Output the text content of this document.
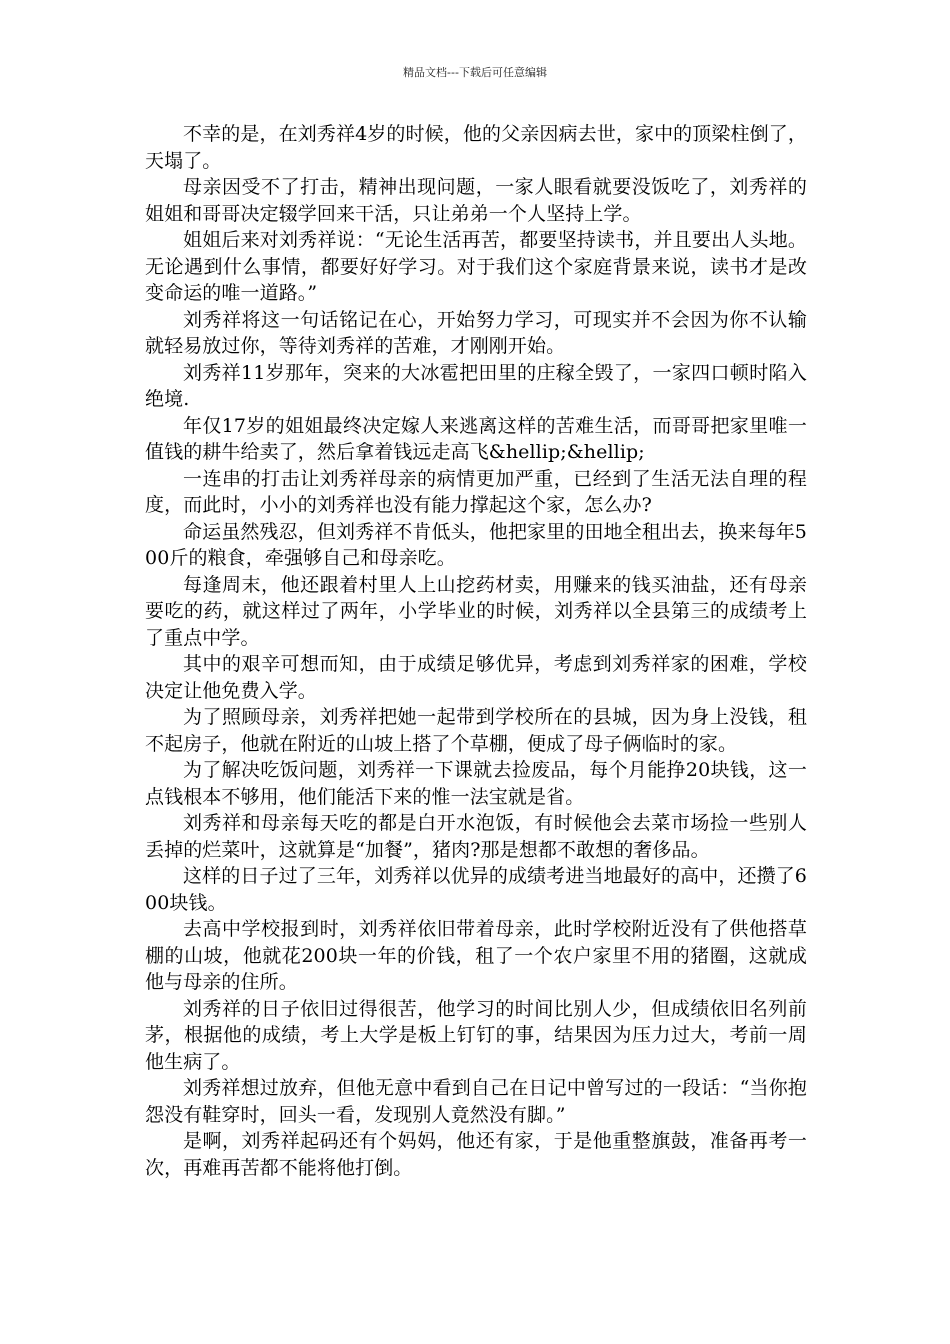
精品文档---下载后可任意编辑

不幸的是，在刘秀祥4岁的时候，他的父亲因病去世，家中的顶梁柱倒了，天塌了。

母亲因受不了打击，精神出现问题，一家人眼看就要没饭吃了，刘秀祥的姐姐和哥哥决定辍学回来干活，只让弟弟一个人坚持上学。

姐姐后来对刘秀祥说：“无论生活再苦，都要坚持读书，并且要出人头地。无论遇到什么事情，都要好好学习。对于我们这个家庭背景来说，读书才是改变命运的唯一道路。”

刘秀祥将这一句话铭记在心，开始努力学习，可现实并不会因为你不认输就轻易放过你，等待刘秀祥的苦难，才刚刚开始。

刘秀祥11岁那年，突来的大冰雹把田里的庄稼全毁了，一家四口顿时陷入绝境.

年仅17岁的姐姐最终决定嫁人来逃离这样的苦难生活，而哥哥把家里唯一值钱的耕牛给卖了，然后拿着钱远走高飞&hellip;&hellip;

一连串的打击让刘秀祥母亲的病情更加严重，已经到了生活无法自理的程度，而此时，小小的刘秀祥也没有能力撑起这个家，怎么办?

命运虽然残忍，但刘秀祥不肯低头，他把家里的田地全租出去，换来每年500斤的粮食，牵强够自己和母亲吃。

每逢周末，他还跟着村里人上山挖药材卖，用赚来的钱买油盐，还有母亲要吃的药，就这样过了两年，小学毕业的时候，刘秀祥以全县第三的成绩考上了重点中学。

其中的艰辛可想而知，由于成绩足够优异，考虑到刘秀祥家的困难，学校决定让他免费入学。

为了照顾母亲，刘秀祥把她一起带到学校所在的县城，因为身上没钱，租不起房子，他就在附近的山坡上搭了个草棚，便成了母子俩临时的家。

为了解决吃饭问题，刘秀祥一下课就去捡废品，每个月能挣20块钱，这一点钱根本不够用，他们能活下来的惟一法宝就是省。

刘秀祥和母亲每天吃的都是白开水泡饭，有时候他会去菜市场捡一些别人丢掉的烂菜叶，这就算是“加餐”，猪肉?那是想都不敢想的奢侈品。

这样的日子过了三年，刘秀祥以优异的成绩考进当地最好的高中，还攒了600块钱。

去高中学校报到时，刘秀祥依旧带着母亲，此时学校附近没有了供他搭草棚的山坡，他就花200块一年的价钱，租了一个农户家里不用的猪圈，这就成他与母亲的住所。

刘秀祥的日子依旧过得很苦，他学习的时间比别人少，但成绩依旧名列前茅，根据他的成绩，考上大学是板上钉钉的事，结果因为压力过大，考前一周他生病了。

刘秀祥想过放弃，但他无意中看到自己在日记中曾写过的一段话：“当你抱怨没有鞋穿时，回头一看，发现别人竟然没有脚。”

是啊，刘秀祥起码还有个妈妈，他还有家，于是他重整旗鼓，准备再考一次，再难再苦都不能将他打倒。
